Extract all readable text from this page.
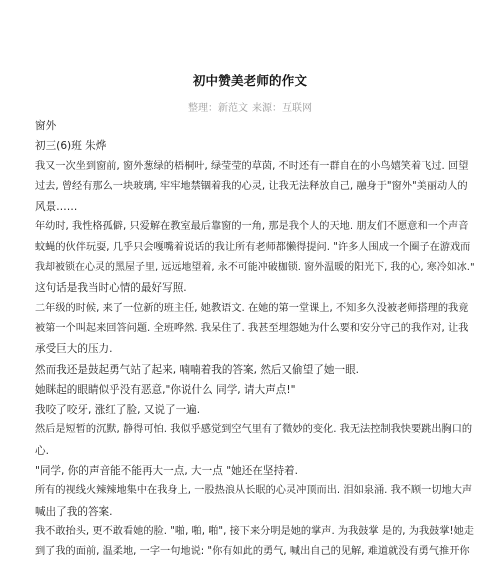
初中赞美老师的作文
整理：新范文 来源：互联网
窗外
初三(6)班 朱烨
我又一次坐到窗前, 窗外葱绿的梧桐叶, 绿莹莹的草茵, 不时还有一群自在的小鸟嬉笑着飞过. 回望
过去, 曾经有那么一块玻璃, 牢牢地禁锢着我的心灵, 让我无法释放自己, 融身于"窗外"美丽动人的
风景……
年幼时, 我性格孤僻, 只爱解在教室最后靠窗的一角, 那是我个人的天地. 朋友们不愿意和一个声音
蚊蝇的伙伴玩耍, 几乎只会嘎嘴着说话的我让所有老师都懒得提问. "许多人围成一个圈子在游戏而
我却被锁在心灵的黑屋子里, 远远地望着, 永不可能冲破枷锁. 窗外温暖的阳光下, 我的心, 寒冷如冰."
这句话是我当时心情的最好写照.
二年级的时候, 来了一位新的班主任, 她教语文. 在她的第一堂课上, 不知多久没被老师搭理的我竟
被第一个叫起来回答问题. 全班哗然. 我呆住了. 我甚至埋怨她为什么要和安分守己的我作对, 让我
承受巨大的压力.
然而我还是鼓起勇气站了起来, 喃喃着我的答案, 然后又偷望了她一眼.
她眯起的眼睛似乎没有恶意,"你说什么 同学, 请大声点!"
我咬了咬牙, 涨红了脸, 又说了一遍.
然后是短暂的沉默, 静得可怕. 我似乎感觉到空气里有了微妙的变化. 我无法控制我快要跳出胸口的
心.
"同学, 你的声音能不能再大一点, 大一点 "她还在坚持着.
所有的视线火辣辣地集中在我身上, 一股热浪从长眠的心灵冲顶而出. 泪如泉涌. 我不顾一切地大声
喊出了我的答案.
我不敢抬头, 更不敢看她的脸. "啪, 啪, 啪", 接下来分明是她的掌声. 为我鼓掌 是的, 为我鼓掌!她走
到了我的面前, 温柔地, 一字一句地说: "你有如此的勇气, 喊出自己的见解, 难道就没有勇气推开你
